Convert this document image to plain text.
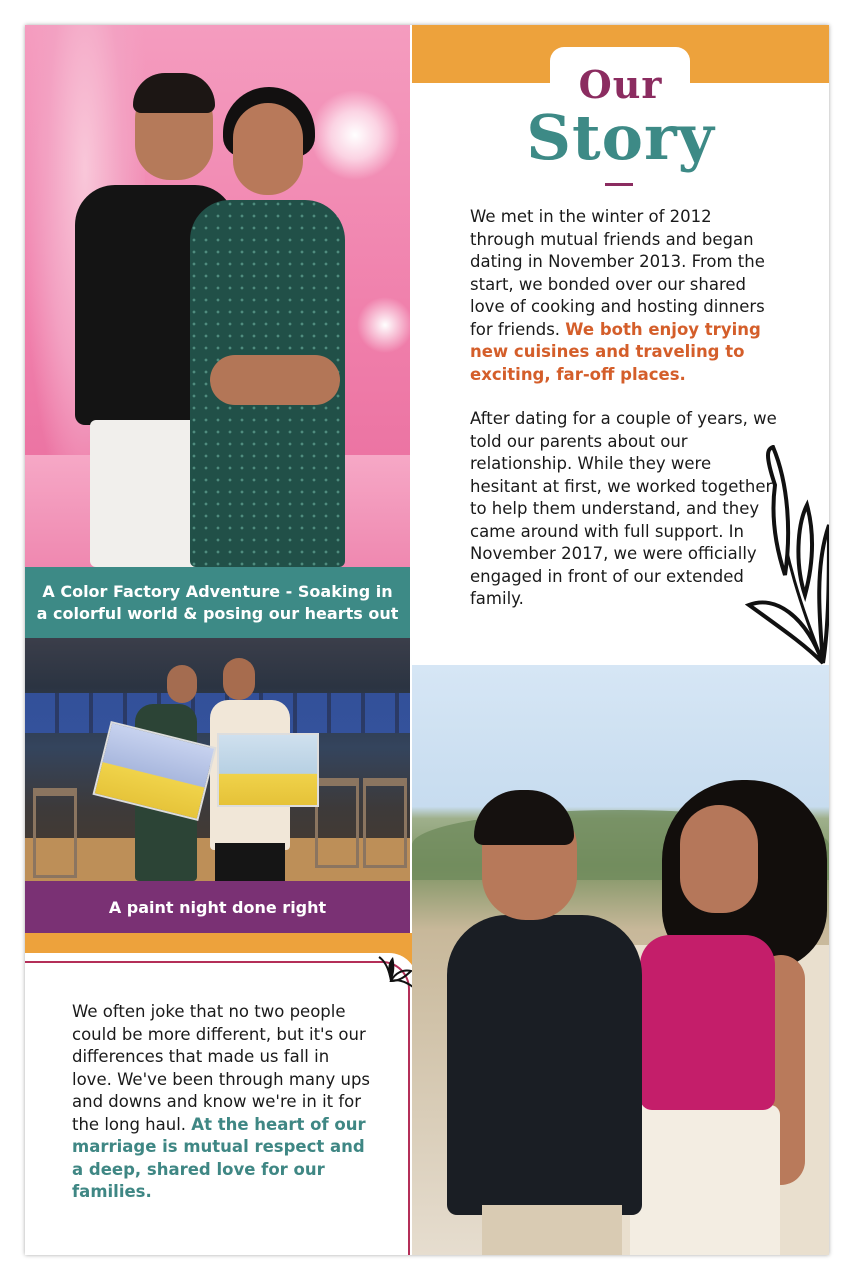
A Color Factory Adventure - Soaking in a colorful world & posing our hearts out
A paint night done right
We often joke that no two people could be more different, but it's our differences that made us fall in love. We've been through many ups and downs and know we're in it for the long haul. At the heart of our marriage is mutual respect and a deep, shared love for our families.
Our
Story

We met in the winter of 2012 through mutual friends and began dating in November 2013. From the start, we bonded over our shared love of cooking and hosting dinners for friends. We both enjoy trying new cuisines and traveling to exciting, far-off places.

After dating for a couple of years, we told our parents about our relationship. While they were hesitant at first, we worked together to help them understand, and they came around with full support. In November 2017, we were officially engaged in front of our extended family.
